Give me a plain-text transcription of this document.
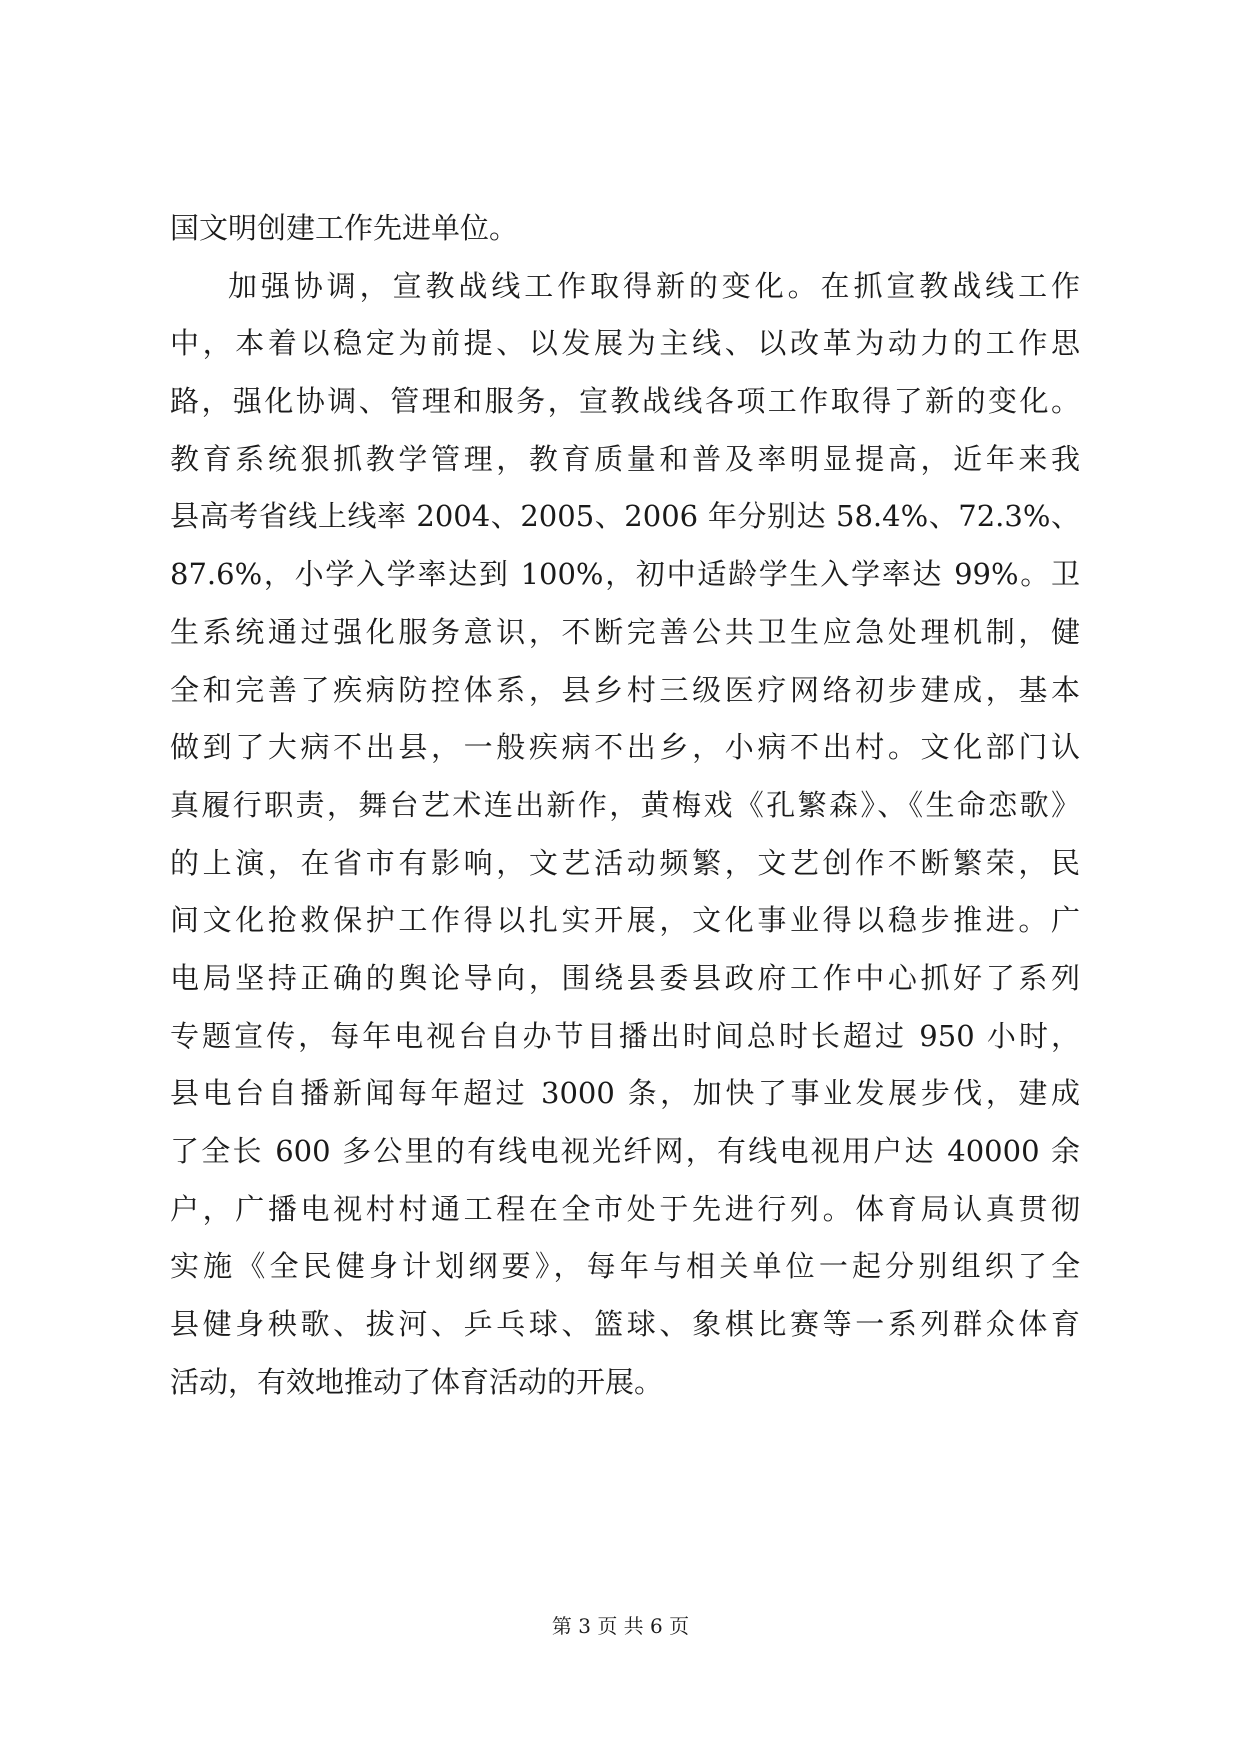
国文明创建工作先进单位。
加强协调，宣教战线工作取得新的变化。在抓宣教战线工作
中，本着以稳定为前提、以发展为主线、以改革为动力的工作思
路，强化协调、管理和服务，宣教战线各项工作取得了新的变化。
教育系统狠抓教学管理，教育质量和普及率明显提高，近年来我
县高考省线上线率 2004、2005、2006 年分别达 58.4%、72.3%、
87.6%，小学入学率达到 100%，初中适龄学生入学率达 99%。卫
生系统通过强化服务意识，不断完善公共卫生应急处理机制，健
全和完善了疾病防控体系，县乡村三级医疗网络初步建成，基本
做到了大病不出县，一般疾病不出乡，小病不出村。文化部门认
真履行职责，舞台艺术连出新作，黄梅戏《孔繁森》、《生命恋歌》
的上演，在省市有影响，文艺活动频繁，文艺创作不断繁荣，民
间文化抢救保护工作得以扎实开展，文化事业得以稳步推进。广
电局坚持正确的舆论导向，围绕县委县政府工作中心抓好了系列
专题宣传，每年电视台自办节目播出时间总时长超过 950 小时，
县电台自播新闻每年超过 3000 条，加快了事业发展步伐，建成
了全长 600 多公里的有线电视光纤网，有线电视用户达 40000 余
户，广播电视村村通工程在全市处于先进行列。体育局认真贯彻
实施《全民健身计划纲要》，每年与相关单位一起分别组织了全
县健身秧歌、拔河、乒乓球、篮球、象棋比赛等一系列群众体育
活动，有效地推动了体育活动的开展。
第 3 页 共 6 页
